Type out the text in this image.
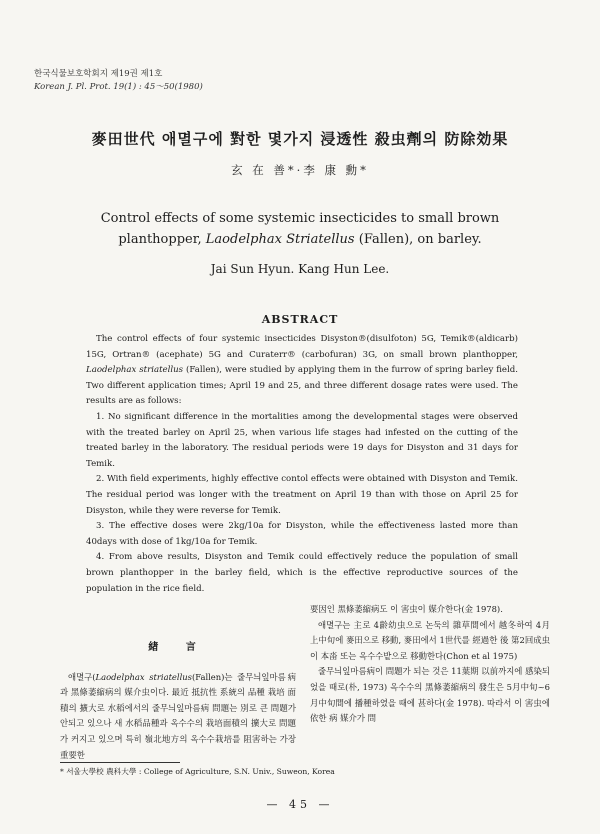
한국식물보호학회지 제19권 제1호
Korean J. Pl. Prot. 19(1) : 45～50(1980)
麥田世代 애멸구에 對한 몇가지 浸透性 殺虫劑의 防除効果
玄 在 善*·李 康 勳*
Control effects of some systemic insecticides to small brown
planthopper, Laodelphax Striatellus (Fallen), on barley.
Jai Sun Hyun. Kang Hun Lee.
ABSTRACT

The control effects of four systemic insecticides Disyston®(disulfoton) 5G, Temik®(aldicarb) 15G, Ortran® (acephate) 5G and Curaterr® (carbofuran) 3G, on small brown planthopper, Laodelphax striatellus (Fallen), were studied by applying them in the furrow of spring barley field. Two different application times; April 19 and 25, and three different dosage rates were used. The results are as follows:

1. No significant difference in the mortalities among the developmental stages were observed with the treated barley on April 25, when various life stages had infested on the cutting of the treated barley in the laboratory. The residual periods were 19 days for Disyston and 31 days for Temik.

2. With field experiments, highly effective contol effects were obtained with Disyston and Temik. The residual period was longer with the treatment on April 19 than with those on April 25 for Disyston, while they were reverse for Temik.

3. The effective doses were 2kg/10a for Disyston, while the effectiveness lasted more than 40days with dose of 1kg/10a for Temik.

4. From above results, Disyston and Temik could effectively reduce the population of small brown planthopper in the barley field, which is the effective reproductive sources of the population in the rice field.

緖 言

애멸구(Laodelphax striatellus(Fallen)는 줄무늬잎마름病과 黑條萎縮病의 媒介虫이다. 最近 抵抗性 系統의 品種 栽培 面積의 擴大로 水稻에서의 줄무늬잎마름病 問題는 別로 큰 問題가 안되고 있으나 새 水稻品種과 옥수수의 栽培面積의 擴大로 問題가 커지고 있으며 특히 嶺北地方의 옥수수栽培를 阻害하는 가장 重要한

要因인 黑條萎縮病도 이 害虫이 媒介한다(金 1978).

애멸구는 主로 4齡幼虫으로 논둑의 雜草間에서 越冬하여 4月上中旬에 麥田으로 移動, 麥田에서 1世代를 經過한 後 第2回成虫이 本畓 또는 옥수수밭으로 移動한다(Chon et al 1975)

줄무늬잎마름病이 問題가 되는 것은 11葉期 以前까지에 感染되었을 때로(朴, 1973) 옥수수의 黑條萎縮病의 發生은 5月中旬~6月中旬間에 播種하였을 때에 甚하다(金 1978). 따라서 이 害虫에 依한 病 媒介가 問

* 서울大學校 農科大學 : College of Agriculture, S.N. Univ., Suweon, Korea
— 45 —
